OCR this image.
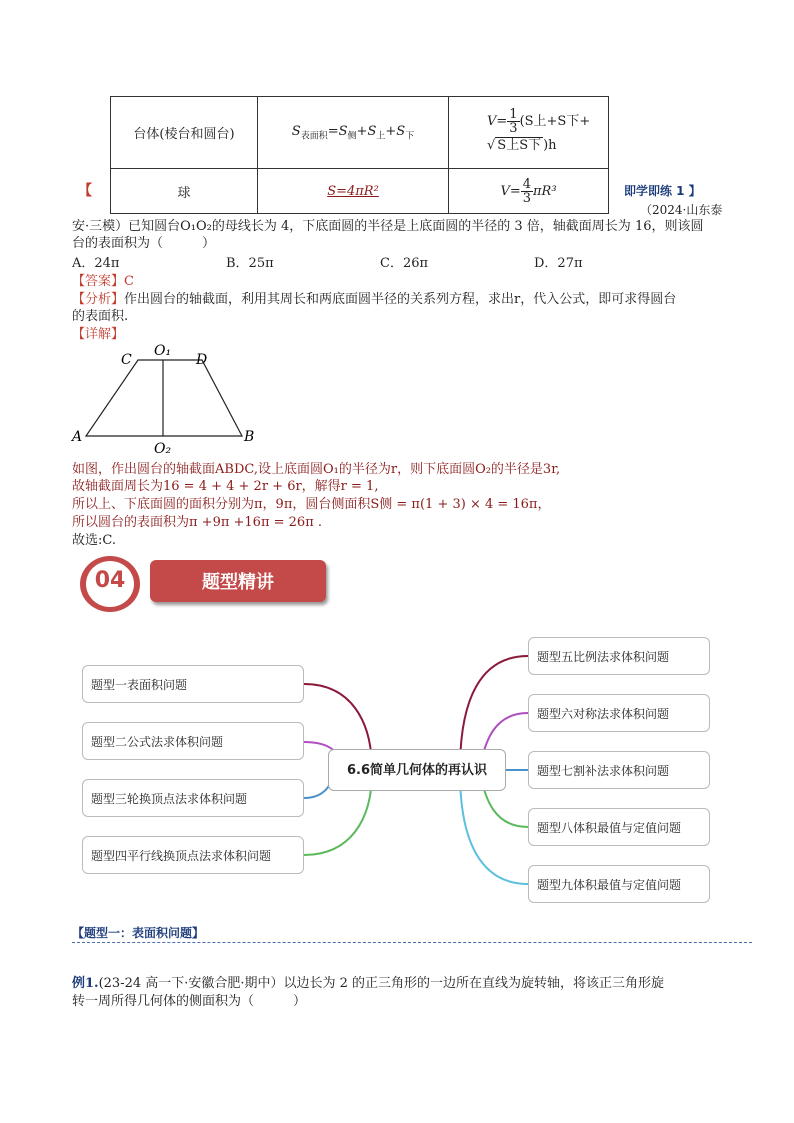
台体(棱台和圆台)	$S_{表面积}=S_侧+S_上+S_下$	$V= \frac{1}{3} (S$上+S下+
√ S上S下 )h
球	S=4πR²	$V= \frac{4}{3} \pi R^3$
【	即学即练 1 】
（2024·山东泰
安·三模）已知圆台O₁O₂的母线长为 4，下底面圆的半径是上底面圆的半径的 3 倍，轴截面周长为 16，则该圆
台的表面积为（　　　）
A．24π	B．25π	C．26π	D．27π
【答案】C
【分析】作出圆台的轴截面，利用其周长和两底面圆半径的关系列方程，求出r，代入公式，即可求得圆台
的表面积.
【详解】
C
O₁
D
A
O₂
B
如图，作出圆台的轴截面ABDC,设上底面圆O₁的半径为r，则下底面圆O₂的半径是3r,
故轴截面周长为16 = 4 + 4 + 2r + 6r，解得r = 1,
所以上、下底面圆的面积分别为π，9π，圆台侧面积S侧 = π(1 + 3) × 4 = 16π，
所以圆台的表面积为π +9π +16π = 26π .
故选:C.
04	题型精讲
6.6简单几何体的再认识
题型一表面积问题
题型二公式法求体积问题
题型三轮换顶点法求体积问题
题型四平行线换顶点法求体积问题
题型五比例法求体积问题
题型六对称法求体积问题
题型七割补法求体积问题
题型八体积最值与定值问题
题型九体积最值与定值问题
【题型一：表面积问题】
例1.(23-24 高一下·安徽合肥·期中）以边长为 2 的正三角形的一边所在直线为旋转轴，将该正三角形旋
转一周所得几何体的侧面积为（　　　）
